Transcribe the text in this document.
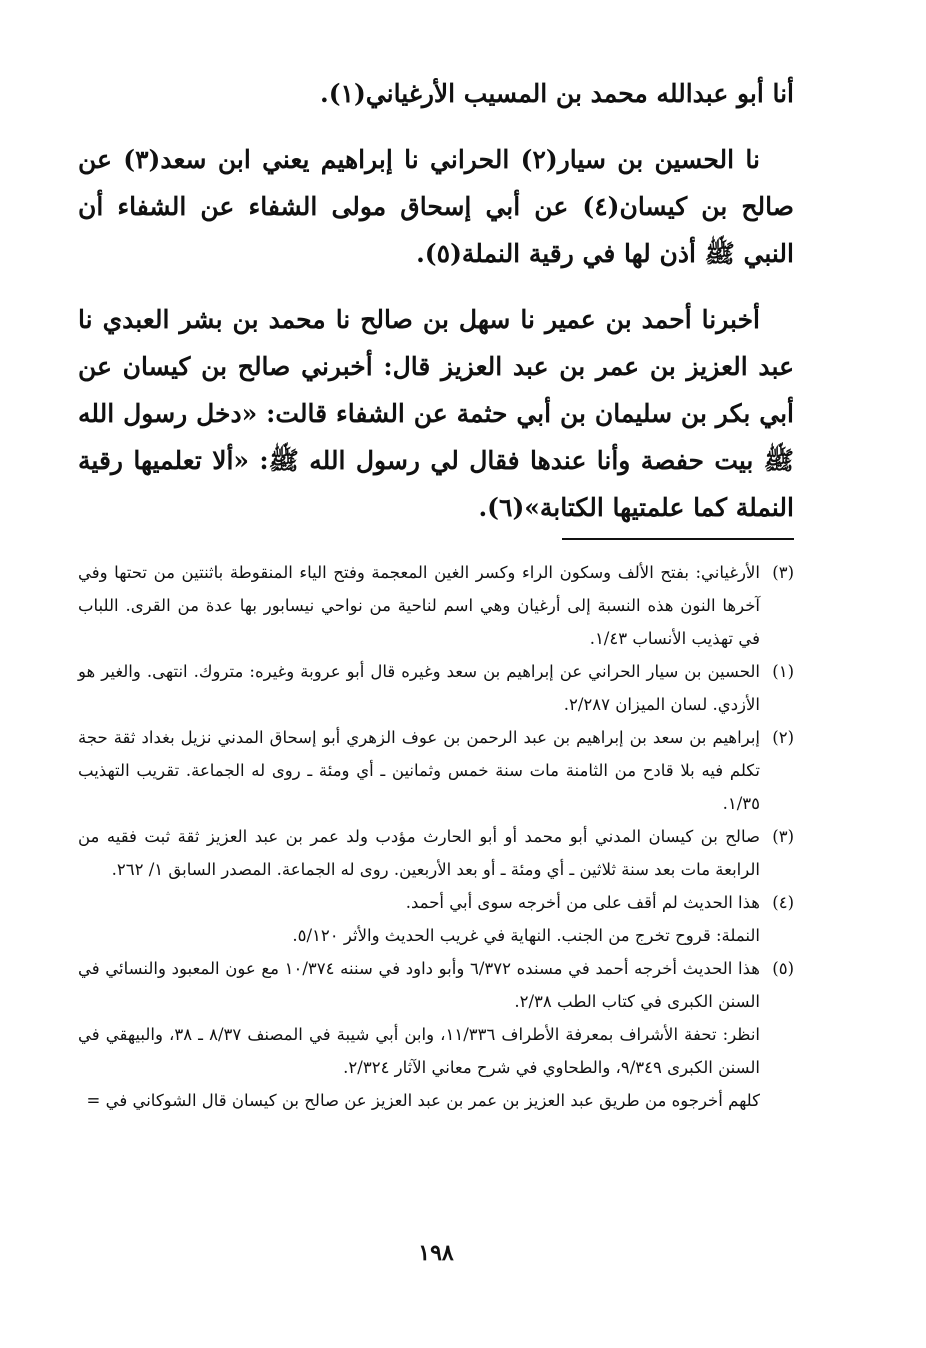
أنا أبو عبدالله محمد بن المسيب الأرغياني(١).

نا الحسين بن سيار(٢) الحراني نا إبراهيم يعني ابن سعد(٣) عن صالح بن كيسان(٤) عن أبي إسحاق مولى الشفاء عن الشفاء أن النبي ﷺ أذن لها في رقية النملة(٥).

أخبرنا أحمد بن عمير نا سهل بن صالح نا محمد بن بشر العبدي نا عبد العزيز بن عمر بن عبد العزيز قال: أخبرني صالح بن كيسان عن أبي بكر بن سليمان بن أبي حثمة عن الشفاء قالت: «دخل رسول الله ﷺ بيت حفصة وأنا عندها فقال لي رسول الله ﷺ: «ألا تعلميها رقية النملة كما علمتيها الكتابة»(٦).

(٣)

الأرغياني: بفتح الألف وسكون الراء وكسر الغين المعجمة وفتح الياء المنقوطة باثنتين من تحتها وفي آخرها النون هذه النسبة إلى أرغيان وهي اسم لناحية من نواحي نيسابور بها عدة من القرى. اللباب في تهذيب الأنساب ١/٤٣.

(١)

الحسين بن سيار الحراني عن إبراهيم بن سعد وغيره قال أبو عروبة وغيره: متروك. انتهى. والغير هو الأزدي. لسان الميزان ٢/٢٨٧.

(٢)

إبراهيم بن سعد بن إبراهيم بن عبد الرحمن بن عوف الزهري أبو إسحاق المدني نزيل بغداد ثقة حجة تكلم فيه بلا قادح من الثامنة مات سنة خمس وثمانين ـ أي ومئة ـ روى له الجماعة. تقريب التهذيب ١/٣٥.

(٣)

صالح بن كيسان المدني أبو محمد أو أبو الحارث مؤدب ولد عمر بن عبد العزيز ثقة ثبت فقيه من الرابعة مات بعد سنة ثلاثين ـ أي ومئة ـ أو بعد الأربعين. روى له الجماعة. المصدر السابق ١/ ٢٦٢.

(٤)

هذا الحديث لم أقف على من أخرجه سوى أبي أحمد.

النملة: قروح تخرج من الجنب. النهاية في غريب الحديث والأثر ٥/١٢٠.

(٥)

هذا الحديث أخرجه أحمد في مسنده ٦/٣٧٢ وأبو داود في سننه ١٠/٣٧٤ مع عون المعبود والنسائي في السنن الكبرى في كتاب الطب ٢/٣٨.

انظر: تحفة الأشراف بمعرفة الأطراف ١١/٣٣٦، وابن أبي شيبة في المصنف ٨/٣٧ ـ ٣٨، والبيهقي في السنن الكبرى ٩/٣٤٩، والطحاوي في شرح معاني الآثار ٢/٣٢٤.

كلهم أخرجوه من طريق عبد العزيز بن عمر بن عبد العزيز عن صالح بن كيسان قال الشوكاني في =

١٩٨
